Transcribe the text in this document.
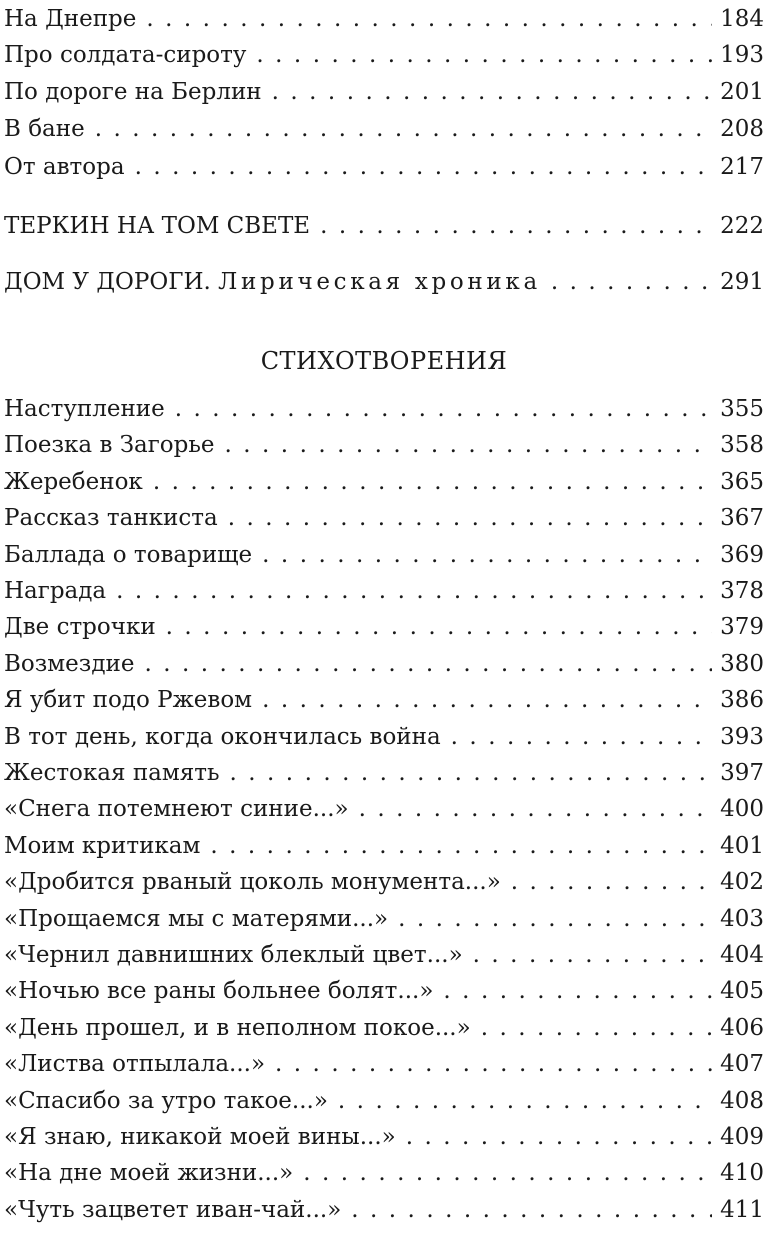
На Днепре . . .	184
Про солдата-сироту . . .	193
По дороге на Берлин . . .	201
В бане . . .	208
От автора . . .	217
ТЕРКИН НА ТОМ СВЕТЕ . . .	222
ДОМ У ДОРОГИ. Лирическая хроника . . .	291
СТИХОТВОРЕНИЯ
Наступление . . .	355
Поезка в Загорье . . .	358
Жеребенок . . .	365
Рассказ танкиста . . .	367
Баллада о товарище . . .	369
Награда . . .	378
Две строчки . . .	379
Возмездие . . .	380
Я убит подо Ржевом . . .	386
В тот день, когда окончилась война . . .	393
Жестокая память . . .	397
«Снега потемнеют синие...» . . .	400
Моим критикам . . .	401
«Дробится рваный цоколь монумента...» . . .	402
«Прощаемся мы с матерями...» . . .	403
«Чернил давнишних блеклый цвет...» . . .	404
«Ночью все раны больнее болят...» . . .	405
«День прошел, и в неполном покое...» . . .	406
«Листва отпылала...» . . .	407
«Спасибо за утро такое...» . . .	408
«Я знаю, никакой моей вины...» . . .	409
«На дне моей жизни...» . . .	410
«Чуть зацветет иван-чай...» . . .	411
